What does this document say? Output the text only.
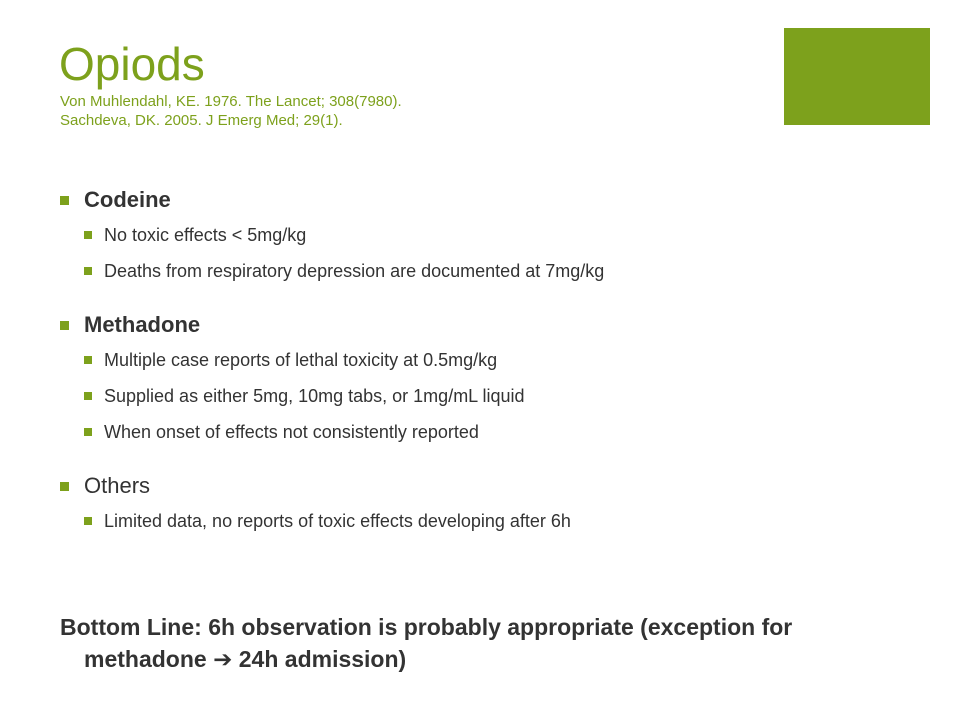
Opiods
Von Muhlendahl, KE. 1976. The Lancet; 308(7980).
Sachdeva, DK. 2005. J Emerg Med; 29(1).
Codeine
No toxic effects < 5mg/kg
Deaths from respiratory depression are documented at 7mg/kg
Methadone
Multiple case reports of lethal toxicity at 0.5mg/kg
Supplied as either 5mg, 10mg tabs, or 1mg/mL liquid
When onset of effects not consistently reported
Others
Limited data, no reports of toxic effects developing after 6h

Bottom Line: 6h observation is probably appropriate (exception for
methadone ➔ 24h admission)
